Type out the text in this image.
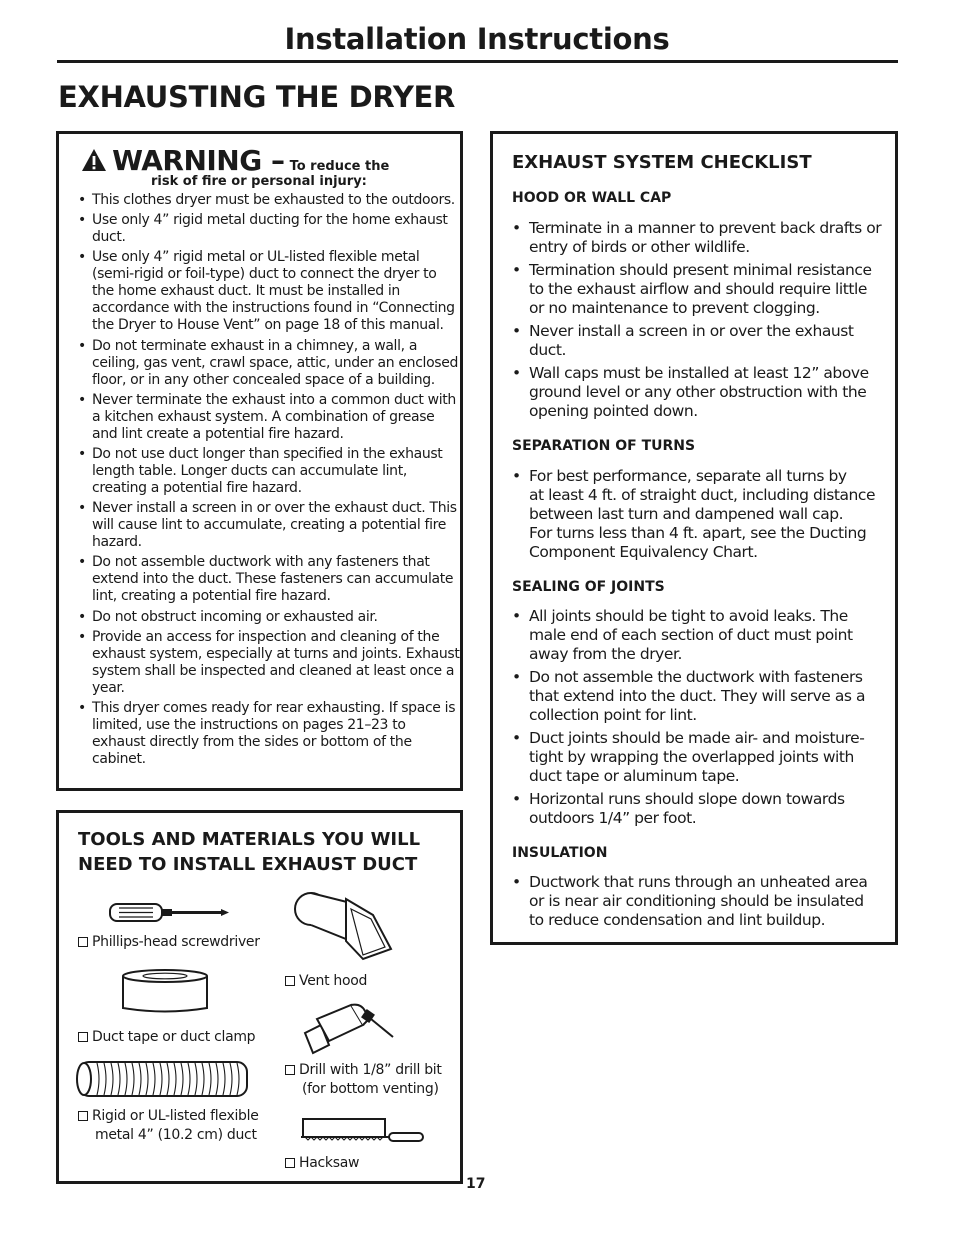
Installation Instructions
EXHAUSTING THE DRYER
WARNING – To reduce the
risk of fire or personal injury:
• This clothes dryer must be exhausted to the outdoors.
• Use only 4” rigid metal ducting for the home exhaust duct.
• Use only 4” rigid metal or UL-listed flexible metal (semi-rigid or foil-type) duct to connect the dryer to the home exhaust duct. It must be installed in accordance with the instructions found in “Connecting the Dryer to House Vent” on page 18 of this manual.
• Do not terminate exhaust in a chimney, a wall, a ceiling, gas vent, crawl space, attic, under an enclosed floor, or in any other concealed space of a building.
• Never terminate the exhaust into a common duct with a kitchen exhaust system. A combination of grease and lint create a potential fire hazard.
• Do not use duct longer than specified in the exhaust length table. Longer ducts can accumulate lint, creating a potential fire hazard.
• Never install a screen in or over the exhaust duct. This will cause lint to accumulate, creating a potential fire hazard.
• Do not assemble ductwork with any fasteners that extend into the duct. These fasteners can accumulate lint, creating a potential fire hazard.
• Do not obstruct incoming or exhausted air.
• Provide an access for inspection and cleaning of the exhaust system, especially at turns and joints. Exhaust system shall be inspected and cleaned at least once a year.
• This dryer comes ready for rear exhausting. If space is limited, use the instructions on pages 21–23 to exhaust directly from the sides or bottom of the cabinet.
TOOLS AND MATERIALS YOU WILL NEED TO INSTALL EXHAUST DUCT
Phillips-head screwdriver
Duct tape or duct clamp
Rigid or UL-listed flexible
metal 4” (10.2 cm) duct
Vent hood
Drill with 1/8” drill bit
(for bottom venting)
Hacksaw
EXHAUST SYSTEM CHECKLIST
HOOD OR WALL CAP
• Terminate in a manner to prevent back drafts or entry of birds or other wildlife.
• Termination should present minimal resistance to the exhaust airflow and should require little or no maintenance to prevent clogging.
• Never install a screen in or over the exhaust duct.
• Wall caps must be installed at least 12” above ground level or any other obstruction with the opening pointed down.
SEPARATION OF TURNS
• For best performance, separate all turns by
at least 4 ft. of straight duct, including distance
between last turn and dampened wall cap.
For turns less than 4 ft. apart, see the Ducting
Component Equivalency Chart.
SEALING OF JOINTS
• All joints should be tight to avoid leaks. The male end of each section of duct must point away from the dryer.
• Do not assemble the ductwork with fasteners that extend into the duct. They will serve as a collection point for lint.
• Duct joints should be made air- and moisture-tight by wrapping the overlapped joints with duct tape or aluminum tape.
• Horizontal runs should slope down towards outdoors 1/4” per foot.
INSULATION
• Ductwork that runs through an unheated area or is near air conditioning should be insulated to reduce condensation and lint buildup.
17
